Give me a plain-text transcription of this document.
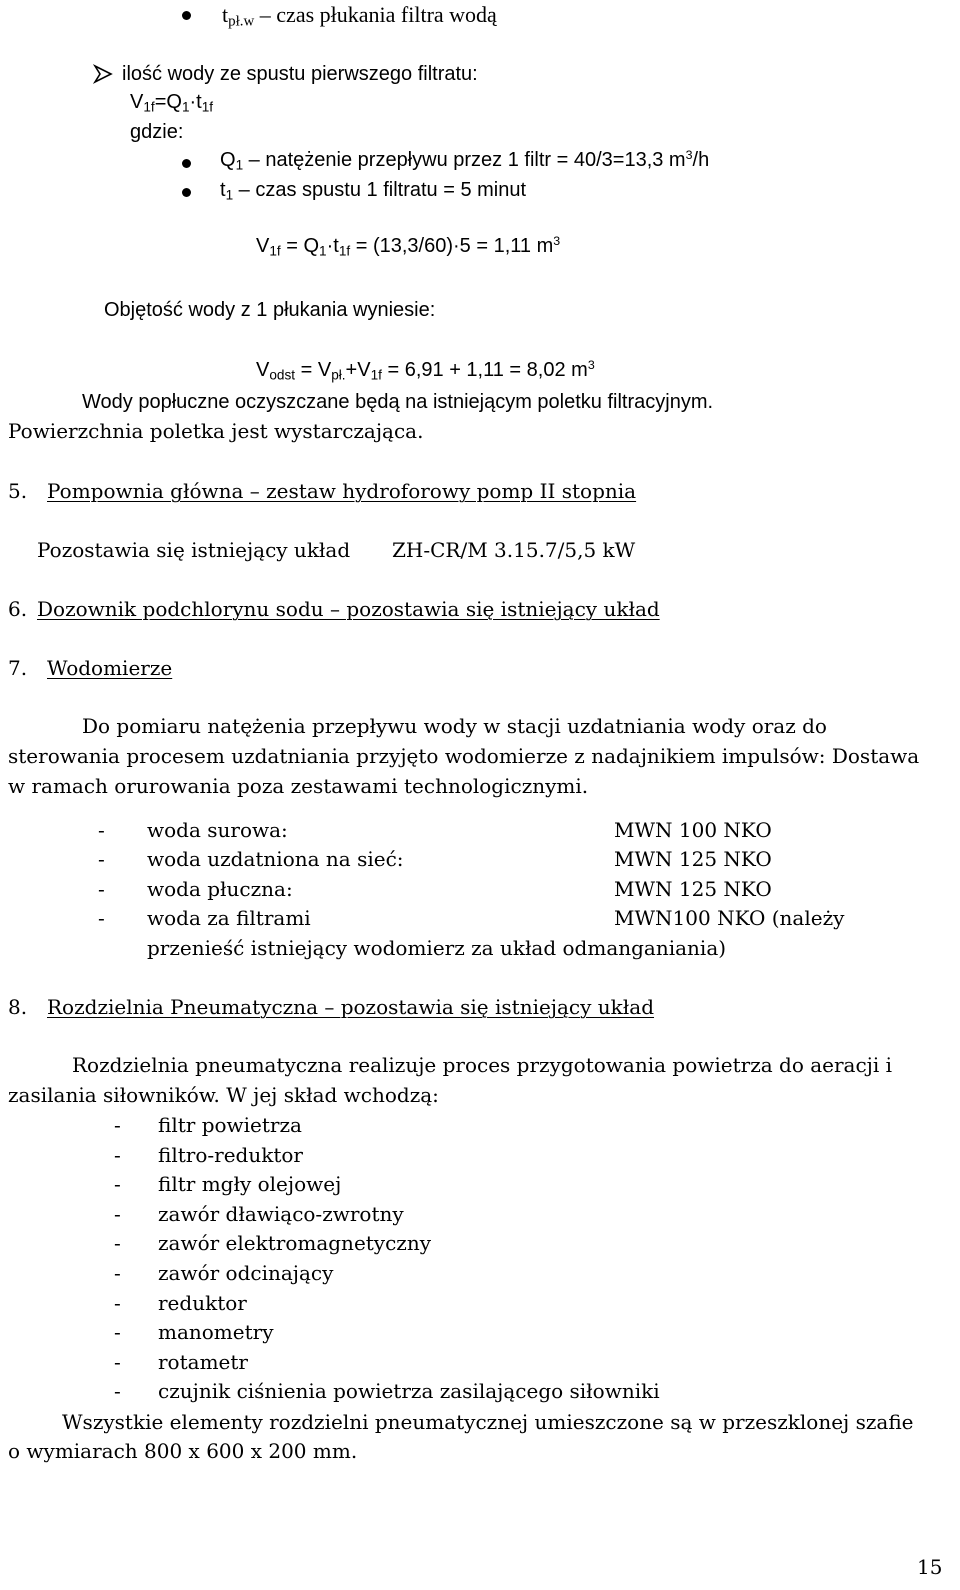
$t_{pł.w}$ – czas płukania filtra wodą
ilość wody ze spustu pierwszego filtratu:
$V_{1f}=Q_1\cdot t_{1f}$
gdzie:
$Q_1$ – natężenie przepływu przez 1 filtr = 40/3=13,3 $m^3/h$
$t_1$ – czas spustu 1 filtratu = 5 minut
$V_{1f} = Q_1\cdot t_{1f} = (13,3/60)\cdot 5 = 1,11$ $m^3$
Objętość wody z 1 płukania wyniesie:
$V_{odst} = V_{pł.}+V_{1f} = 6,91 + 1,11 = 8,02$ $m^3$
Wody popłuczne oczyszczane będą na istniejącym poletku filtracyjnym.
Powierzchnia poletka jest wystarczająca.
5. Pompownia główna – zestaw hydroforowy pomp II stopnia
Pozostawia się istniejący układ ZH-CR/M 3.15.7/5,5 kW
6. Dozownik podchlorynu sodu – pozostawia się istniejący układ
7. Wodomierze
Do pomiaru natężenia przepływu wody w stacji uzdatniania wody oraz do
sterowania procesem uzdatniania przyjęto wodomierze z nadajnikiem impulsów: Dostawa
w ramach orurowania poza zestawami technologicznymi.
- woda surowa:	MWN 100 NKO
- woda uzdatniona na sieć:	MWN 125 NKO
- woda płuczna:	MWN 125 NKO
- woda za filtrami	MWN100 NKO (należy
przenieść istniejący wodomierz za układ odmanganiania)
8. Rozdzielnia Pneumatyczna – pozostawia się istniejący układ
Rozdzielnia pneumatyczna realizuje proces przygotowania powietrza do aeracji i
zasilania siłowników. W jej skład wchodzą:
- filtr powietrza
- filtro-reduktor
- filtr mgły olejowej
- zawór dławiąco-zwrotny
- zawór elektromagnetyczny
- zawór odcinający
- reduktor
- manometry
- rotametr
- czujnik ciśnienia powietrza zasilającego siłowniki
Wszystkie elementy rozdzielni pneumatycznej umieszczone są w przeszklonej szafie
o wymiarach 800 x 600 x 200 mm.
15
